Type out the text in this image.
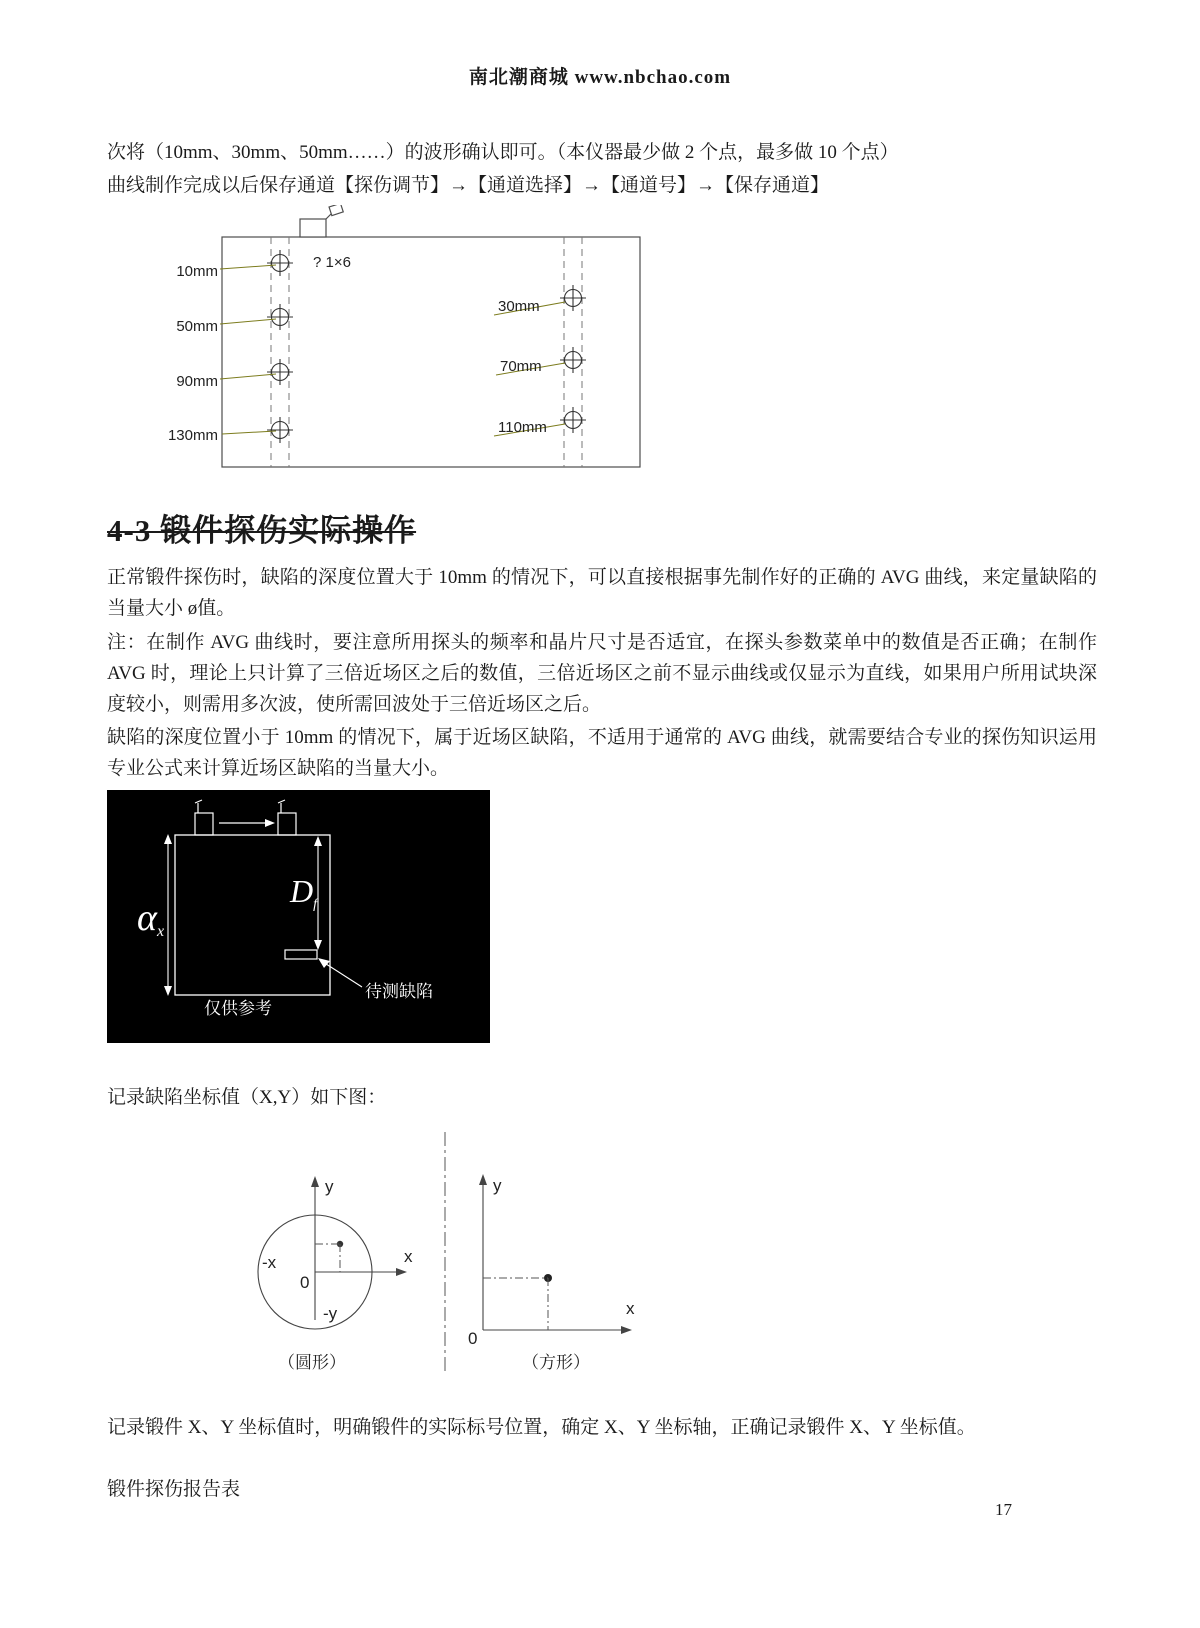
南北潮商城 www.nbchao.com
次将（10mm、30mm、50mm……）的波形确认即可。（本仪器最少做 2 个点，最多做 10 个点）
曲线制作完成以后保存通道【探伤调节】→【通道选择】→【通道号】→【保存通道】
10mm
50mm
90mm
130mm
30mm
70mm
110mm
? 1×6
4-3 锻件探伤实际操作
正常锻件探伤时，缺陷的深度位置大于 10mm 的情况下，可以直接根据事先制作好的正确的 AVG 曲线，来定量缺陷的当量大小 ø值。
注：在制作 AVG 曲线时，要注意所用探头的频率和晶片尺寸是否适宜，在探头参数菜单中的数值是否正确；在制作 AVG 时，理论上只计算了三倍近场区之后的数值，三倍近场区之前不显示曲线或仅显示为直线，如果用户所用试块深度较小，则需用多次波，使所需回波处于三倍近场区之后。
缺陷的深度位置小于 10mm 的情况下，属于近场区缺陷，不适用于通常的 AVG 曲线，就需要结合专业的探伤知识运用专业公式来计算近场区缺陷的当量大小。
αx
Df
待测缺陷
仅供参考
记录缺陷坐标值（X,Y）如下图：
y
x
-x
0
-y
（圆形）
y
x
0
（方形）
记录锻件 X、Y 坐标值时，明确锻件的实际标号位置，确定 X、Y 坐标轴，正确记录锻件 X、Y 坐标值。
锻件探伤报告表
17
